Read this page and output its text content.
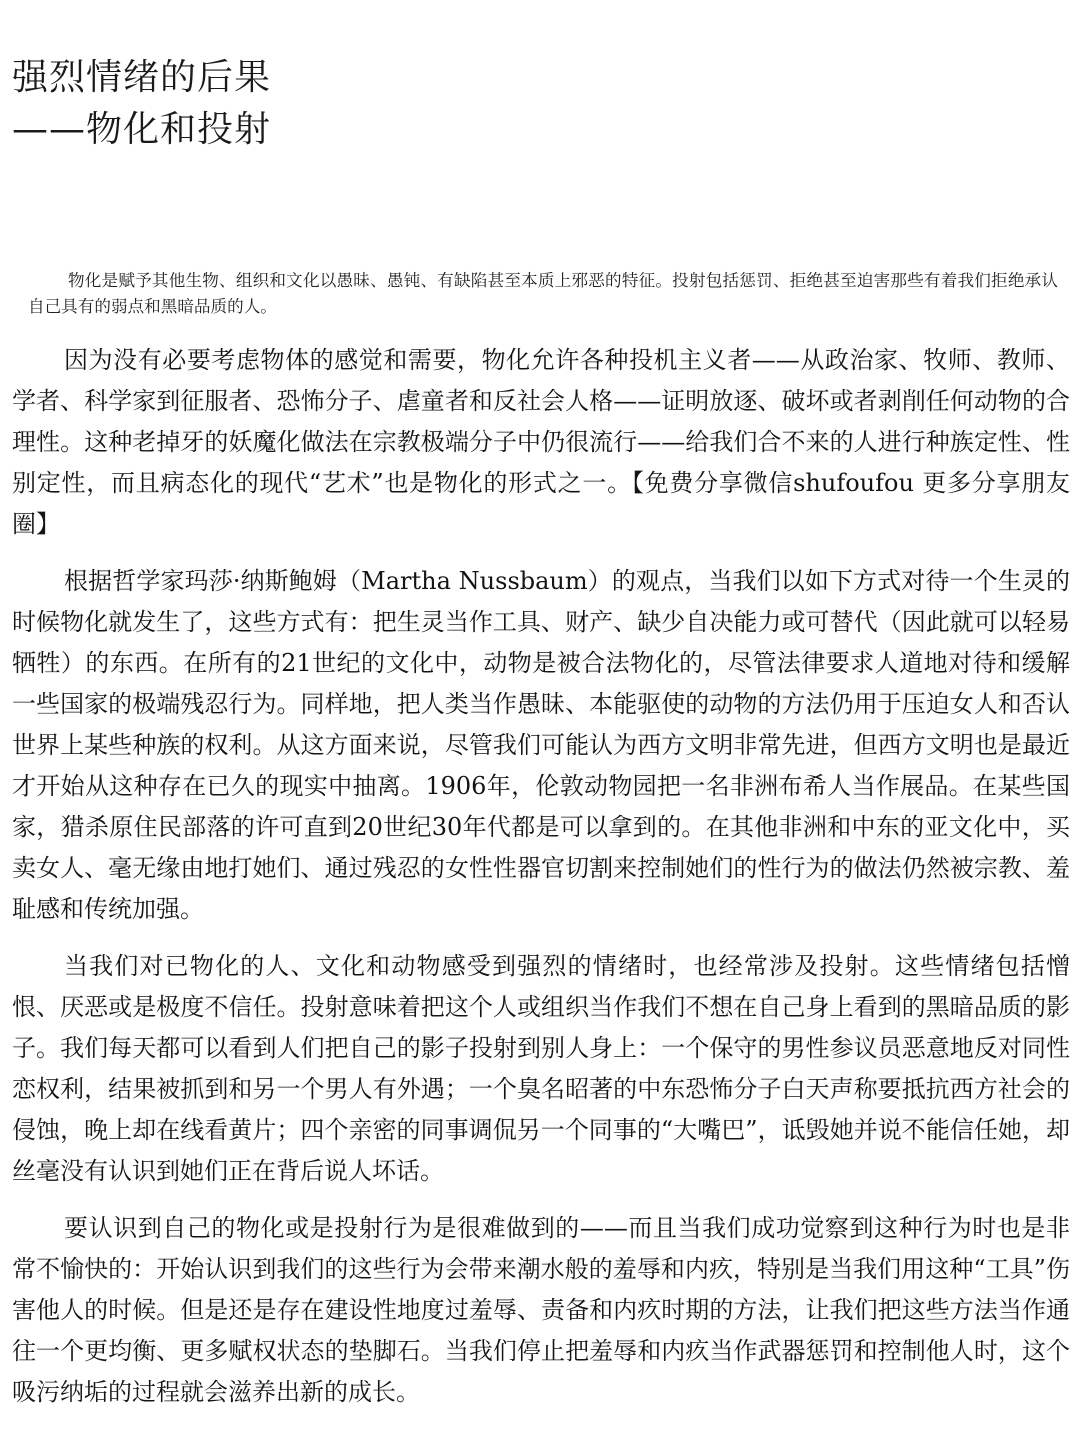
强烈情绪的后果
——物化和投射

物化是赋予其他生物、组织和文化以愚昧、愚钝、有缺陷甚至本质上邪恶的特征。投射包括惩罚、拒绝甚至迫害那些有着我们拒绝承认自己具有的弱点和黑暗品质的人。

因为没有必要考虑物体的感觉和需要，物化允许各种投机主义者——从政治家、牧师、教师、学者、科学家到征服者、恐怖分子、虐童者和反社会人格——证明放逐、破坏或者剥削任何动物的合理性。这种老掉牙的妖魔化做法在宗教极端分子中仍很流行——给我们合不来的人进行种族定性、性别定性，而且病态化的现代“艺术”也是物化的形式之一。【免费分享微信shufoufou 更多分享朋友圈】

根据哲学家玛莎·纳斯鲍姆（Martha Nussbaum）的观点，当我们以如下方式对待一个生灵的时候物化就发生了，这些方式有：把生灵当作工具、财产、缺少自决能力或可替代（因此就可以轻易牺牲）的东西。在所有的21世纪的文化中，动物是被合法物化的，尽管法律要求人道地对待和缓解一些国家的极端残忍行为。同样地，把人类当作愚昧、本能驱使的动物的方法仍用于压迫女人和否认世界上某些种族的权利。从这方面来说，尽管我们可能认为西方文明非常先进，但西方文明也是最近才开始从这种存在已久的现实中抽离。1906年，伦敦动物园把一名非洲布希人当作展品。在某些国家，猎杀原住民部落的许可直到20世纪30年代都是可以拿到的。在其他非洲和中东的亚文化中，买卖女人、毫无缘由地打她们、通过残忍的女性性器官切割来控制她们的性行为的做法仍然被宗教、羞耻感和传统加强。

当我们对已物化的人、文化和动物感受到强烈的情绪时，也经常涉及投射。这些情绪包括憎恨、厌恶或是极度不信任。投射意味着把这个人或组织当作我们不想在自己身上看到的黑暗品质的影子。我们每天都可以看到人们把自己的影子投射到别人身上：一个保守的男性参议员恶意地反对同性恋权利，结果被抓到和另一个男人有外遇；一个臭名昭著的中东恐怖分子白天声称要抵抗西方社会的侵蚀，晚上却在线看黄片；四个亲密的同事调侃另一个同事的“大嘴巴”，诋毁她并说不能信任她，却丝毫没有认识到她们正在背后说人坏话。

要认识到自己的物化或是投射行为是很难做到的——而且当我们成功觉察到这种行为时也是非常不愉快的：开始认识到我们的这些行为会带来潮水般的羞辱和内疚，特别是当我们用这种“工具”伤害他人的时候。但是还是存在建设性地度过羞辱、责备和内疚时期的方法，让我们把这些方法当作通往一个更均衡、更多赋权状态的垫脚石。当我们停止把羞辱和内疚当作武器惩罚和控制他人时，这个吸污纳垢的过程就会滋养出新的成长。
